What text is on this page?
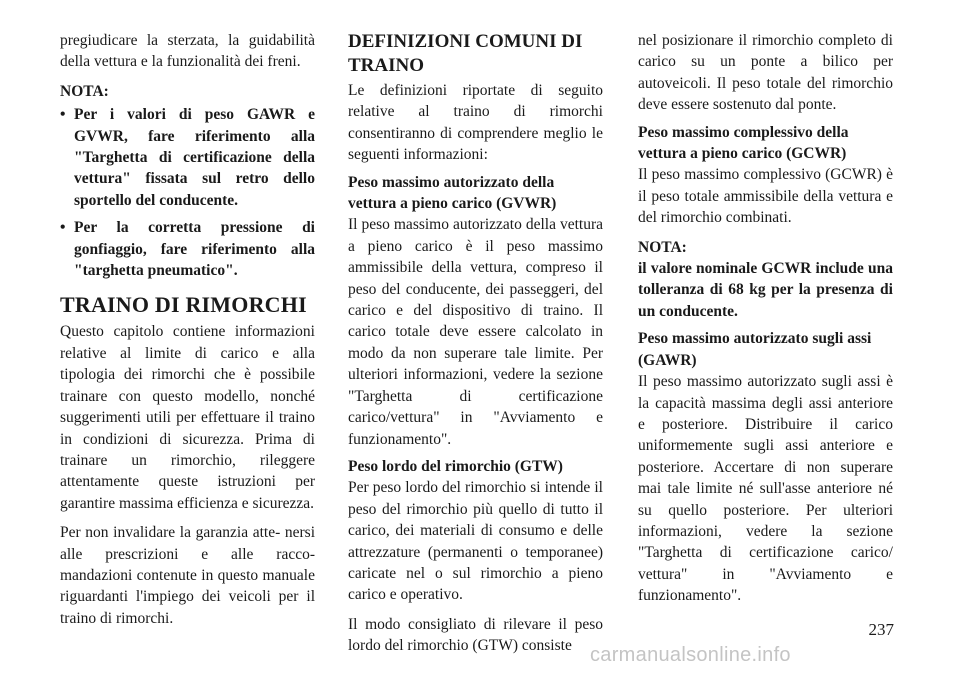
pregiudicare la sterzata, la guidabilità della vettura e la funzionalità dei freni.

NOTA:

• Per i valori di peso GAWR e GVWR, fare riferimento alla "Targhetta di certificazione della vettura" fissata sul retro dello sportello del conducente.
• Per la corretta pressione di gonfiaggio, fare riferimento alla "targhetta pneumatico".
TRAINO DI RIMORCHI

Questo capitolo contiene informazioni relative al limite di carico e alla tipologia dei rimorchi che è possibile trainare con questo modello, nonché suggerimenti utili per effettuare il traino in condizioni di sicurezza. Prima di trainare un rimorchio, rileggere attentamente queste istruzioni per garantire massima efficienza e sicurezza.

Per non invalidare la garanzia atte- nersi alle prescrizioni e alle racco- mandazioni contenute in questo manuale riguardanti l'impiego dei veicoli per il traino di rimorchi.

DEFINIZIONI COMUNI DI TRAINO

Le definizioni riportate di seguito relative al traino di rimorchi consentiranno di comprendere meglio le seguenti informazioni:

Peso massimo autorizzato della vettura a pieno carico (GVWR)

Il peso massimo autorizzato della vettura a pieno carico è il peso massimo ammissibile della vettura, compreso il peso del conducente, dei passeggeri, del carico e del dispositivo di traino. Il carico totale deve essere calcolato in modo da non superare tale limite. Per ulteriori informazioni, vedere la sezione "Targhetta di certificazione carico/vettura" in "Avviamento e funzionamento".

Peso lordo del rimorchio (GTW)

Per peso lordo del rimorchio si intende il peso del rimorchio più quello di tutto il carico, dei materiali di consumo e delle attrezzature (permanenti o temporanee) caricate nel o sul rimorchio a pieno carico e operativo.

Il modo consigliato di rilevare il peso lordo del rimorchio (GTW) consiste

nel posizionare il rimorchio completo di carico su un ponte a bilico per autoveicoli. Il peso totale del rimorchio deve essere sostenuto dal ponte.

Peso massimo complessivo della vettura a pieno carico (GCWR)

Il peso massimo complessivo (GCWR) è il peso totale ammissibile della vettura e del rimorchio combinati.

NOTA:

il valore nominale GCWR include una tolleranza di 68 kg per la presenza di un conducente.

Peso massimo autorizzato sugli assi (GAWR)

Il peso massimo autorizzato sugli assi è la capacità massima degli assi anteriore e posteriore. Distribuire il carico uniformemente sugli assi anteriore e posteriore. Accertare di non superare mai tale limite né sull'asse anteriore né su quello posteriore. Per ulteriori informazioni, vedere la sezione "Targhetta di certificazione carico/ vettura" in "Avviamento e funzionamento".

237
carmanualsonline.info
